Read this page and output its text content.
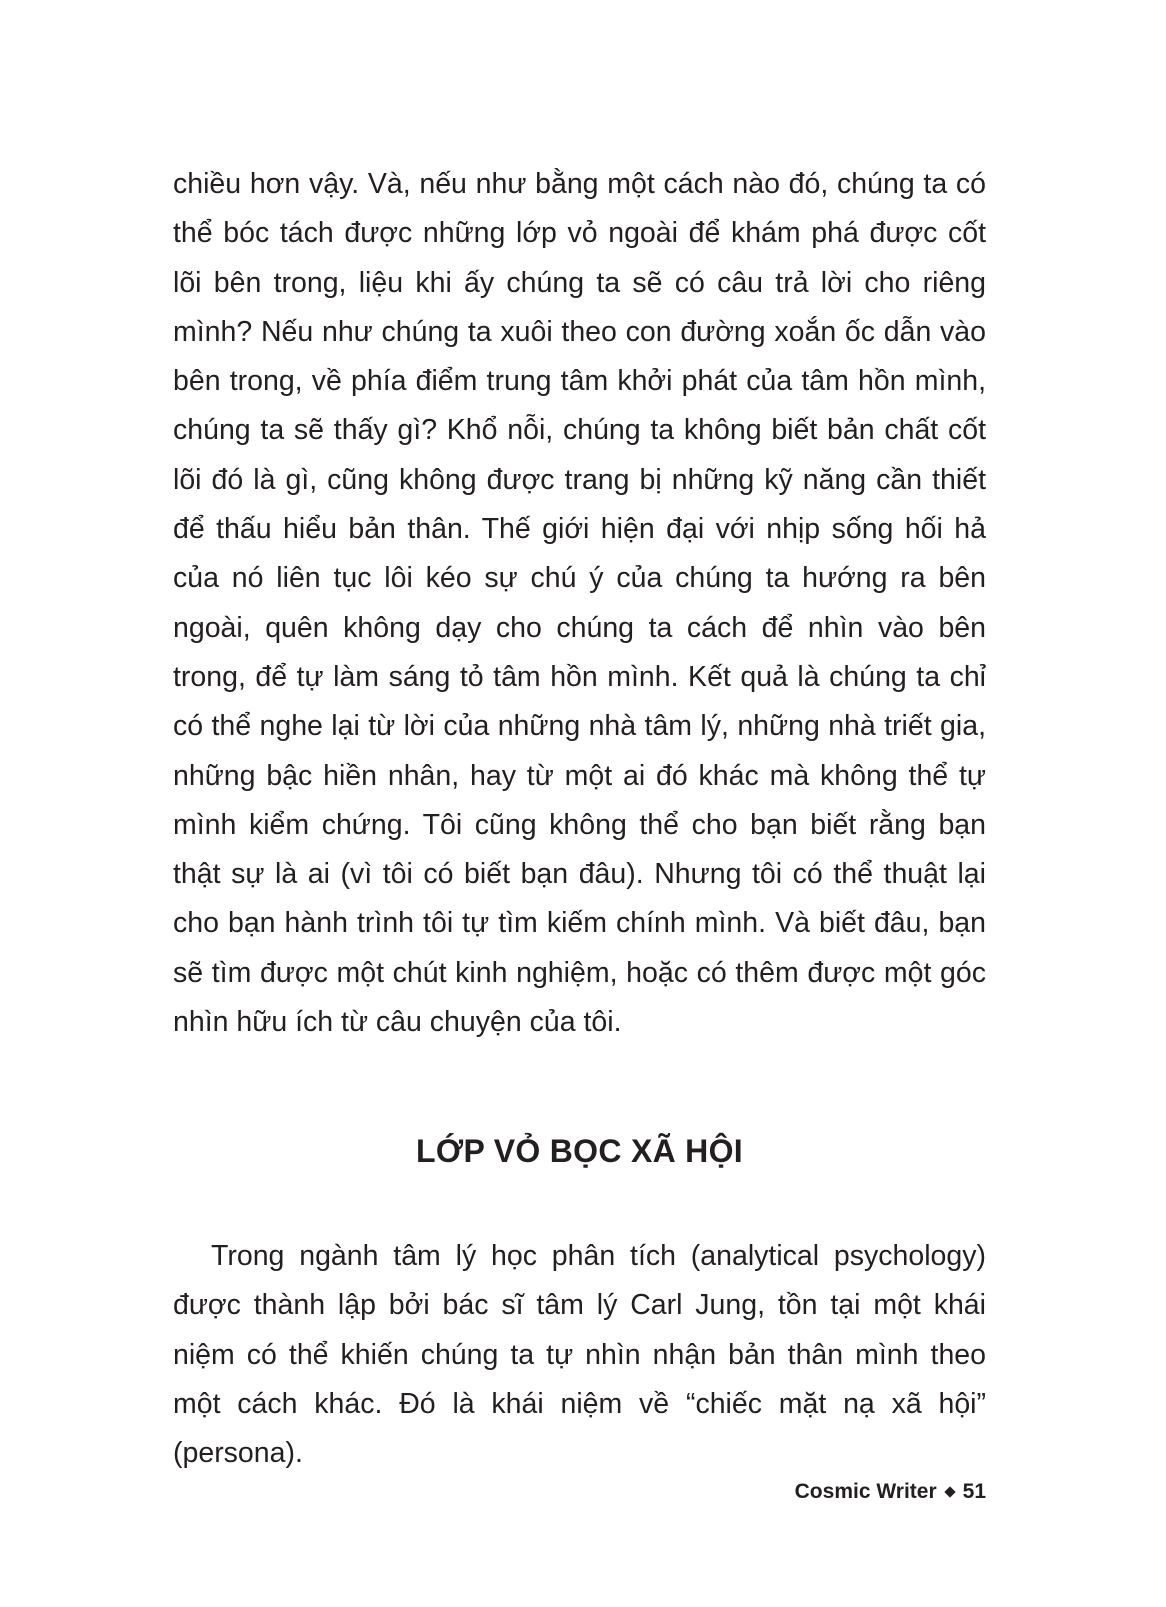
chiều hơn vậy. Và, nếu như bằng một cách nào đó, chúng ta có thể bóc tách được những lớp vỏ ngoài để khám phá được cốt lõi bên trong, liệu khi ấy chúng ta sẽ có câu trả lời cho riêng mình? Nếu như chúng ta xuôi theo con đường xoắn ốc dẫn vào bên trong, về phía điểm trung tâm khởi phát của tâm hồn mình, chúng ta sẽ thấy gì? Khổ nỗi, chúng ta không biết bản chất cốt lõi đó là gì, cũng không được trang bị những kỹ năng cần thiết để thấu hiểu bản thân. Thế giới hiện đại với nhịp sống hối hả của nó liên tục lôi kéo sự chú ý của chúng ta hướng ra bên ngoài, quên không dạy cho chúng ta cách để nhìn vào bên trong, để tự làm sáng tỏ tâm hồn mình. Kết quả là chúng ta chỉ có thể nghe lại từ lời của những nhà tâm lý, những nhà triết gia, những bậc hiền nhân, hay từ một ai đó khác mà không thể tự mình kiểm chứng. Tôi cũng không thể cho bạn biết rằng bạn thật sự là ai (vì tôi có biết bạn đâu). Nhưng tôi có thể thuật lại cho bạn hành trình tôi tự tìm kiếm chính mình. Và biết đâu, bạn sẽ tìm được một chút kinh nghiệm, hoặc có thêm được một góc nhìn hữu ích từ câu chuyện của tôi.

LỚP VỎ BỌC XÃ HỘI

Trong ngành tâm lý học phân tích (analytical psychology) được thành lập bởi bác sĩ tâm lý Carl Jung, tồn tại một khái niệm có thể khiến chúng ta tự nhìn nhận bản thân mình theo một cách khác. Đó là khái niệm về “chiếc mặt nạ xã hội” (persona).

Cosmic Writer 51
